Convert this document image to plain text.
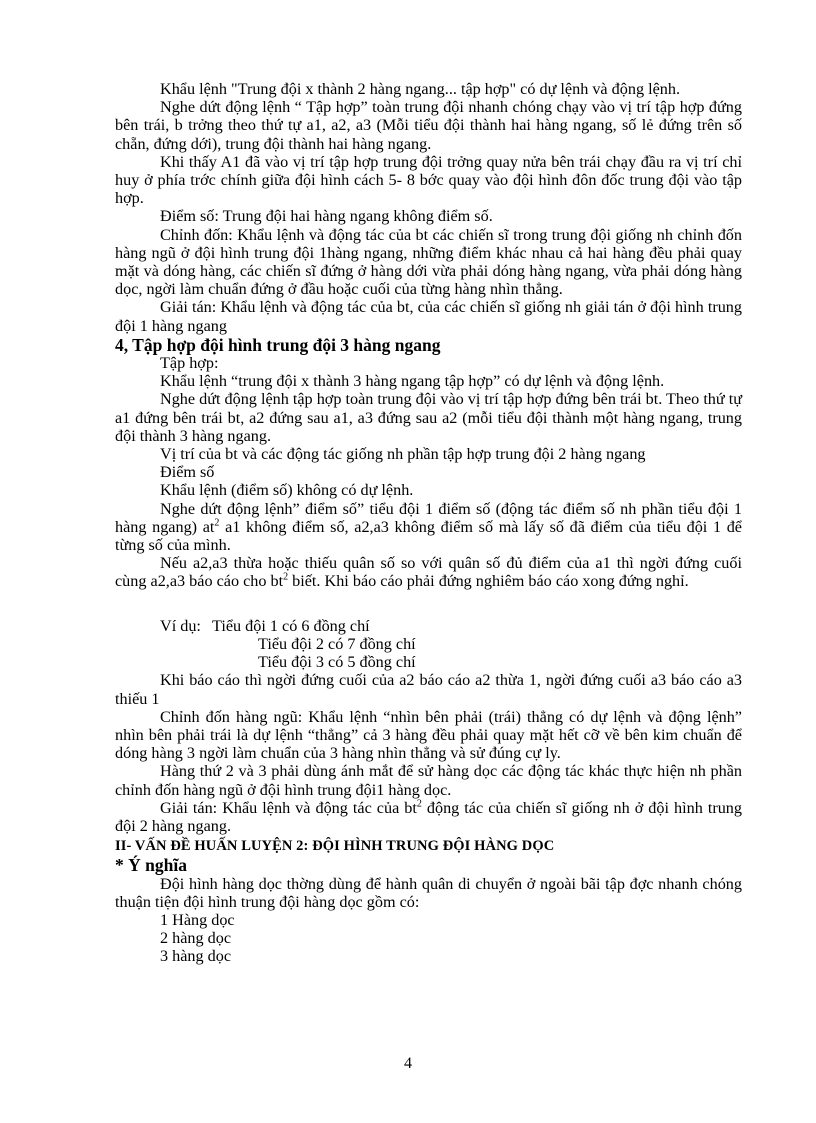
Khẩu lệnh "Trung đội x thành 2 hàng ngang... tập hợp" có dự lệnh và động lệnh.

Nghe dứt động lệnh “ Tập hợp” toàn trung đội nhanh chóng chạy vào vị trí tập hợp đứng bên trái, b trởng theo thứ tự a1, a2, a3 (Mỗi tiểu đội thành hai hàng ngang, số lẻ đứng trên số chẵn, đứng dới), trung đội thành hai hàng ngang.

Khi thấy A1 đã vào vị trí tập hợp trung đội trởng quay nửa bên trái chạy đầu ra vị trí chỉ huy ở phía trớc chính giữa đội hình cách 5- 8 bớc quay vào đội hình đôn đốc trung đội vào tập hợp.

Điểm số: Trung đội hai hàng ngang không điểm số.

Chỉnh đốn: Khẩu lệnh và động tác của bt các chiến sĩ trong trung đội giống nh chỉnh đốn hàng ngũ ở đội hình trung đội 1hàng ngang, những điểm khác nhau cả hai hàng đều phải quay mặt và dóng hàng, các chiến sĩ đứng ở hàng dới vừa phải dóng hàng ngang, vừa phải dóng hàng dọc, ngời làm chuẩn đứng ở đầu hoặc cuối của từng hàng nhìn thẳng.

Giải tán: Khẩu lệnh và động tác của bt, của các chiến sĩ giống nh giải tán ở đội hình trung đội 1 hàng ngang

4, Tập hợp đội hình trung đội 3 hàng ngang

Tập hợp:

Khẩu lệnh “trung đội x thành 3 hàng ngang tập hợp” có dự lệnh và động lệnh.

Nghe dứt động lệnh tập hợp toàn trung đội vào vị trí tập hợp đứng bên trái bt. Theo thứ tự a1 đứng bên trái bt, a2 đứng sau a1, a3 đứng sau a2 (mỗi tiểu đội thành một hàng ngang, trung đội thành 3 hàng ngang.

Vị trí của bt và các động tác giống nh phần tập hợp trung đội 2 hàng ngang

Điểm số

Khẩu lệnh (điểm số) không có dự lệnh.

Nghe dứt động lệnh” điểm số” tiểu đội 1 điểm số (động tác điểm số nh phần tiểu đội 1 hàng ngang) $at^2$ a1 không điểm số, a2,a3 không điểm số mà lấy số đã điểm của tiểu đội 1 để từng số của mình.

Nếu a2,a3 thừa hoặc thiếu quân số so với quân số đủ điểm của a1 thì ngời đứng cuối cùng a2,a3 báo cáo cho $bt^2$ biết. Khi báo cáo phải đứng nghiêm báo cáo xong đứng nghỉ.

Ví dụ: Tiểu đội 1 có 6 đồng chí
Tiểu đội 2 có 7 đồng chí
Tiểu đội 3 có 5 đồng chí

Khi báo cáo thì ngời đứng cuối của a2 báo cáo a2 thừa 1, ngời đứng cuối a3 báo cáo a3 thiếu 1

Chỉnh đốn hàng ngũ: Khẩu lệnh “nhìn bên phải (trái) thẳng có dự lệnh và động lệnh” nhìn bên phải trái là dự lệnh “thẳng” cả 3 hàng đều phải quay mặt hết cỡ về bên kim chuẩn để dóng hàng 3 ngời làm chuẩn của 3 hàng nhìn thẳng và sử đúng cự ly.

Hàng thứ 2 và 3 phải dùng ánh mắt để sử hàng dọc các động tác khác thực hiện nh phần chỉnh đốn hàng ngũ ở đội hình trung đội1 hàng dọc.

Giải tán: Khẩu lệnh và động tác của $bt^2$ động tác của chiến sĩ giống nh ở đội hình trung đội 2 hàng ngang.

II- VẤN ĐỀ HUẤN LUYỆN 2: ĐỘI HÌNH TRUNG ĐỘI HÀNG DỌC

* Ý nghĩa

Đội hình hàng dọc thờng dùng để hành quân di chuyển ở ngoài bãi tập đợc nhanh chóng thuận tiện đội hình trung đội hàng dọc gồm có:

1 Hàng dọc

2 hàng dọc

3 hàng dọc

4
